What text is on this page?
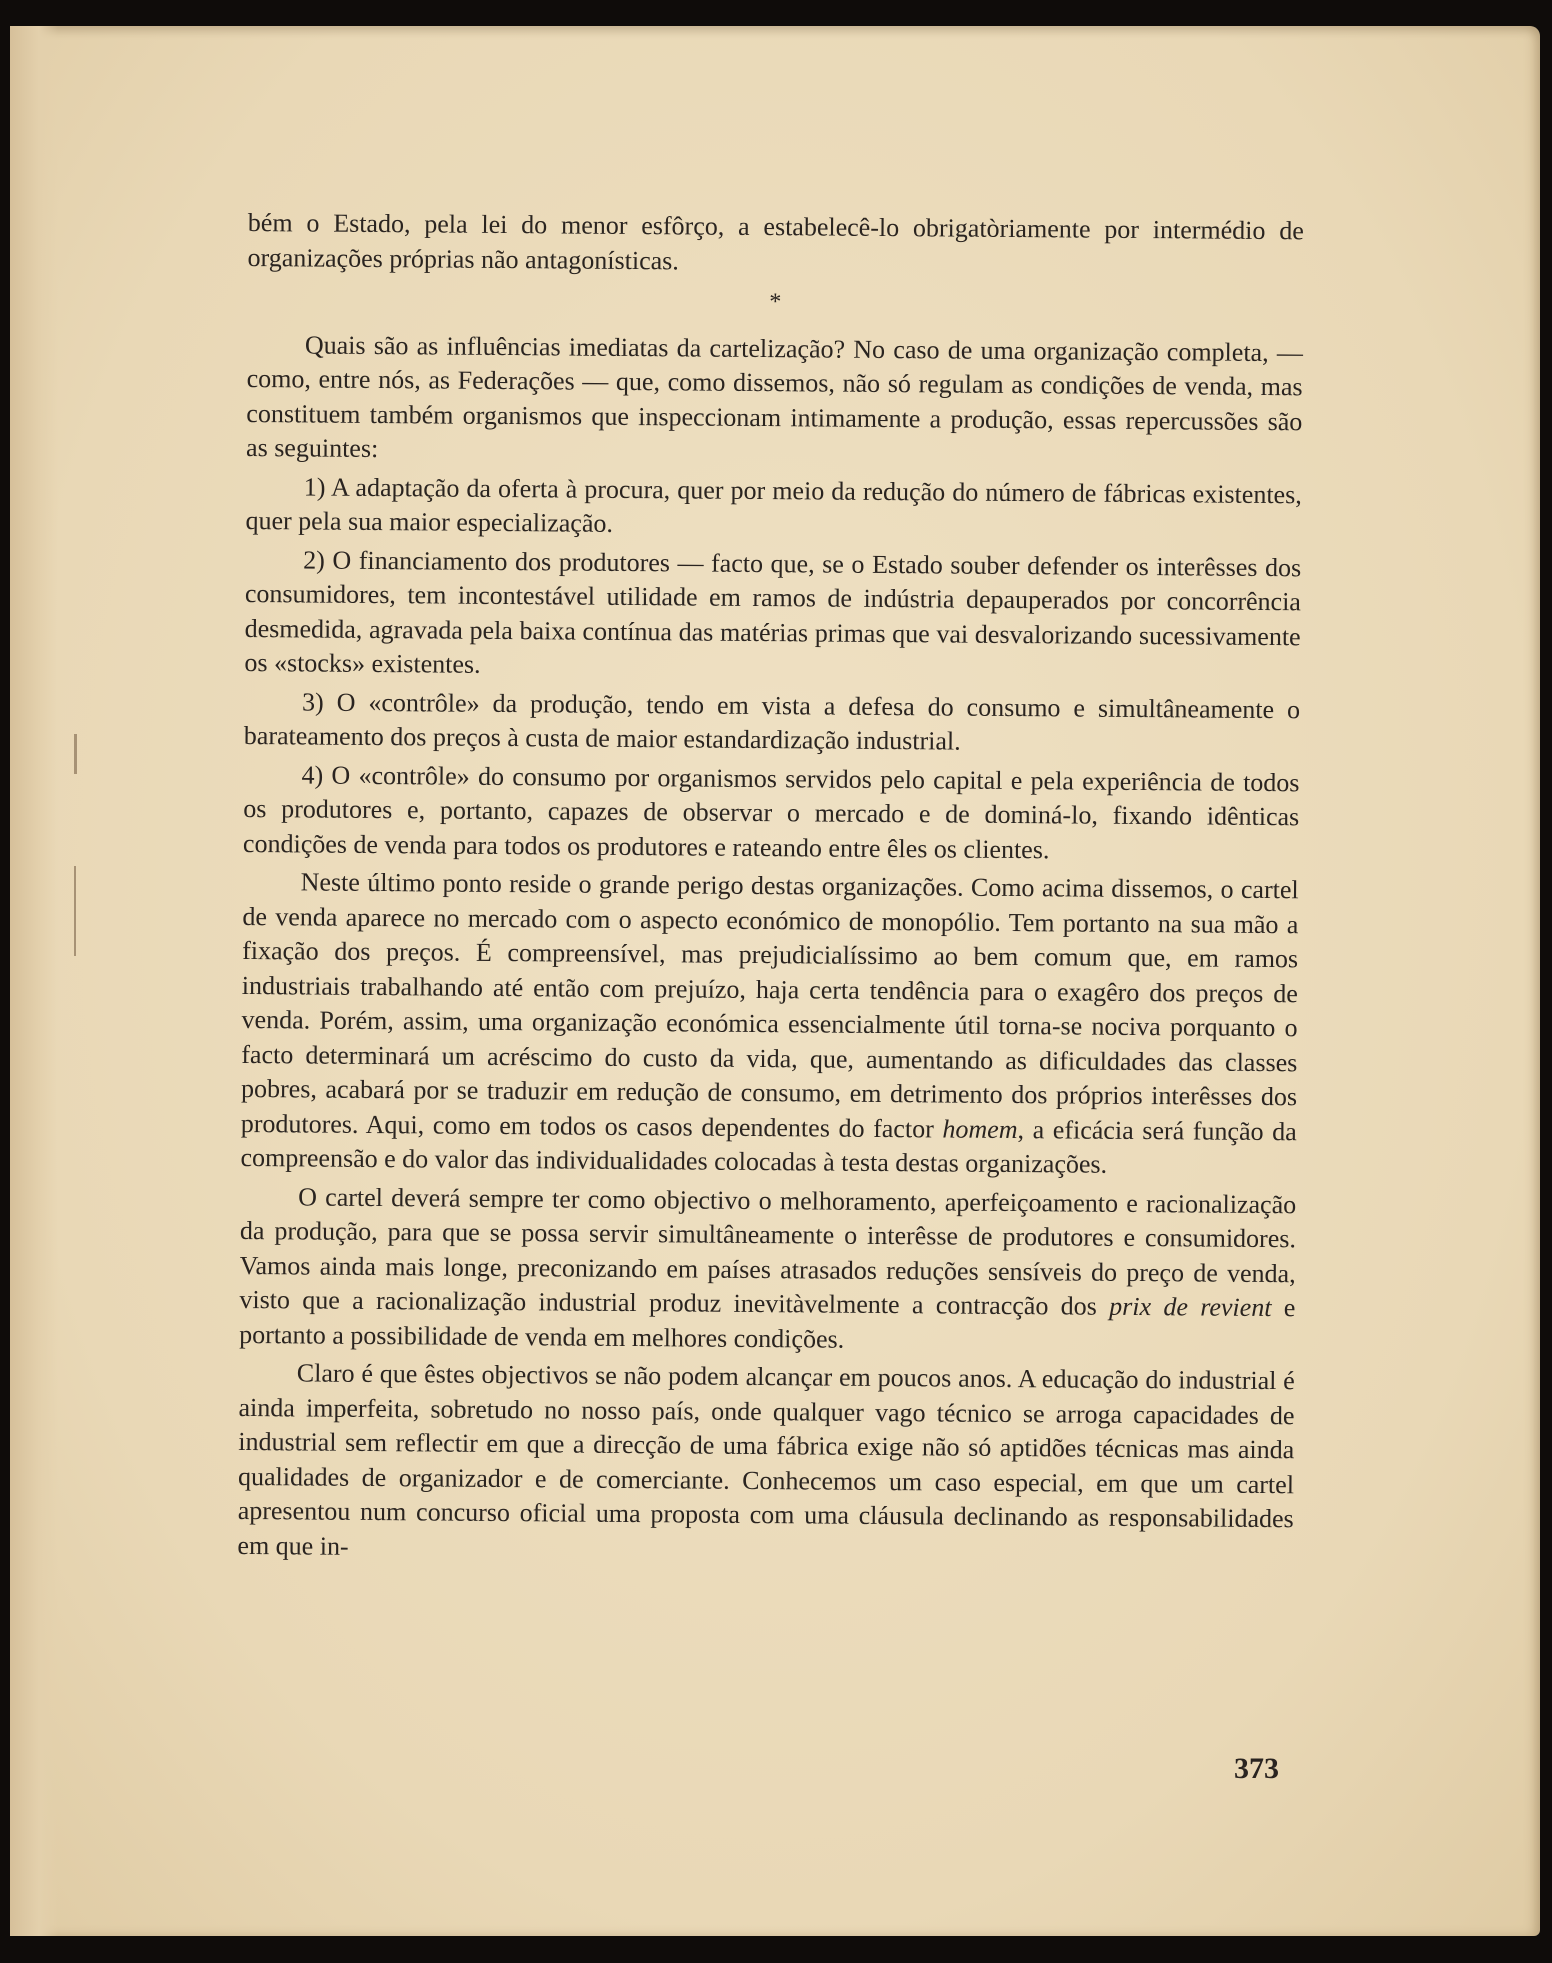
bém o Estado, pela lei do menor esfôrço, a estabelecê-lo obrigatòriamente por intermédio de organizações próprias não antagonísticas.

*

Quais são as influências imediatas da cartelização? No caso de uma organização completa, — como, entre nós, as Federações — que, como dissemos, não só regulam as condições de venda, mas constituem também organismos que inspeccionam intimamente a produção, essas repercussões são as seguintes:

1) A adaptação da oferta à procura, quer por meio da redução do número de fábricas existentes, quer pela sua maior especialização.

2) O financiamento dos produtores — facto que, se o Estado souber defender os interêsses dos consumidores, tem incontestável utilidade em ramos de indústria depauperados por concorrência desmedida, agravada pela baixa contínua das matérias primas que vai desvalorizando sucessivamente os «stocks» existentes.

3) O «contrôle» da produção, tendo em vista a defesa do consumo e simultâneamente o barateamento dos preços à custa de maior estandardização industrial.

4) O «contrôle» do consumo por organismos servidos pelo capital e pela experiência de todos os produtores e, portanto, capazes de observar o mercado e de dominá-lo, fixando idênticas condições de venda para todos os produtores e rateando entre êles os clientes.

Neste último ponto reside o grande perigo destas organizações. Como acima dissemos, o cartel de venda aparece no mercado com o aspecto económico de monopólio. Tem portanto na sua mão a fixação dos preços. É compreensível, mas prejudicialíssimo ao bem comum que, em ramos industriais trabalhando até então com prejuízo, haja certa tendência para o exagêro dos preços de venda. Porém, assim, uma organização económica essencialmente útil torna-se nociva porquanto o facto determinará um acréscimo do custo da vida, que, aumentando as dificuldades das classes pobres, acabará por se traduzir em redução de consumo, em detrimento dos próprios interêsses dos produtores. Aqui, como em todos os casos dependentes do factor homem, a eficácia será função da compreensão e do valor das individualidades colocadas à testa destas organizações.

O cartel deverá sempre ter como objectivo o melhoramento, aperfeiçoamento e racionalização da produção, para que se possa servir simultâneamente o interêsse de produtores e consumidores. Vamos ainda mais longe, preconizando em países atrasados reduções sensíveis do preço de venda, visto que a racionalização industrial produz inevitàvelmente a contracção dos prix de revient e portanto a possibilidade de venda em melhores condições.

Claro é que êstes objectivos se não podem alcançar em poucos anos. A educação do industrial é ainda imperfeita, sobretudo no nosso país, onde qualquer vago técnico se arroga capacidades de industrial sem reflectir em que a direcção de uma fábrica exige não só aptidões técnicas mas ainda qualidades de organizador e de comerciante. Conhecemos um caso especial, em que um cartel apresentou num concurso oficial uma proposta com uma cláusula declinando as responsabilidades em que in-

373
